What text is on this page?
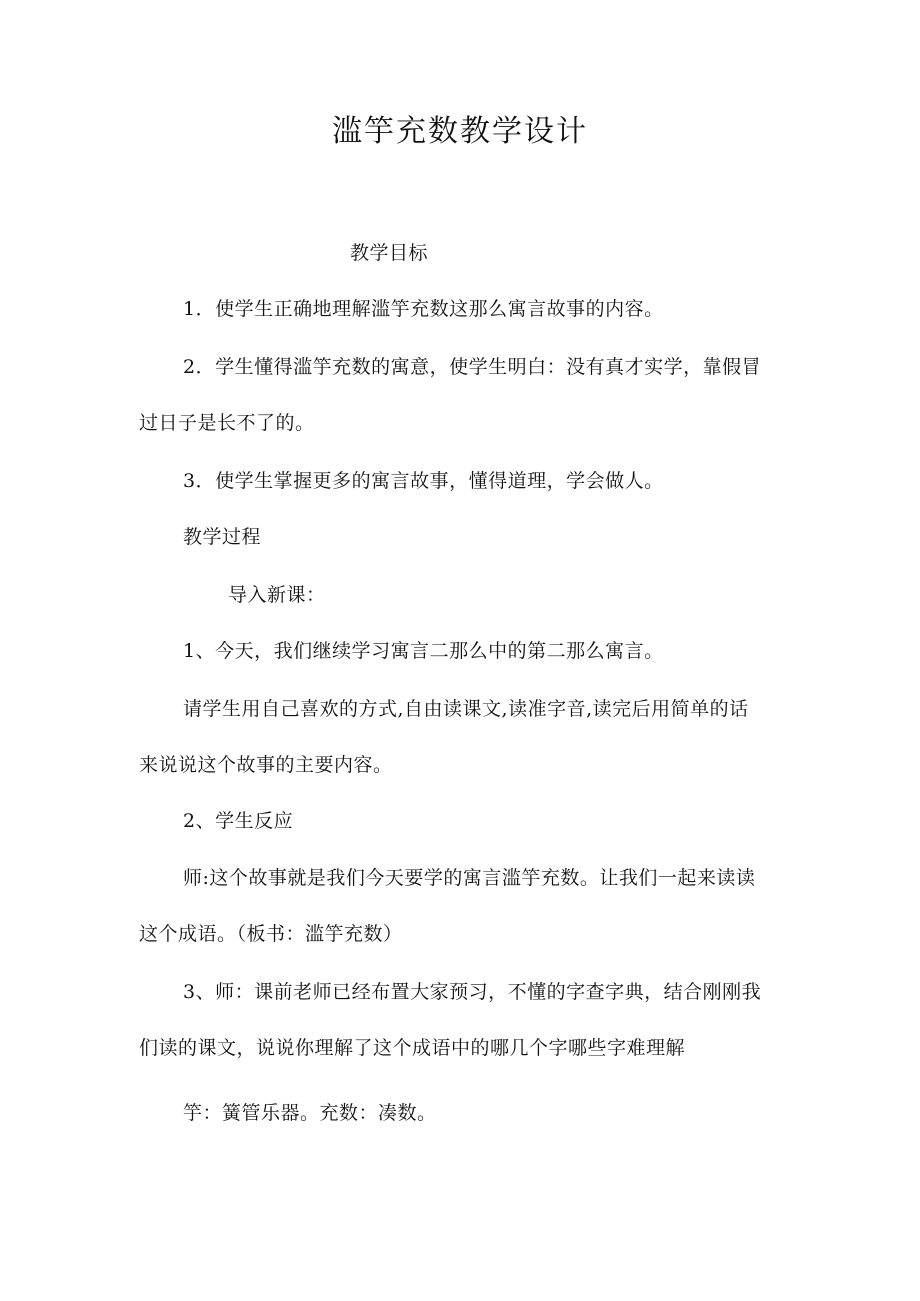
滥竽充数教学设计
教学目标
1．使学生正确地理解滥竽充数这那么寓言故事的内容。
2．学生懂得滥竽充数的寓意，使学生明白：没有真才实学，靠假冒
过日子是长不了的。
3．使学生掌握更多的寓言故事，懂得道理，学会做人。
教学过程
导入新课：
1、今天，我们继续学习寓言二那么中的第二那么寓言。
请学生用自己喜欢的方式,自由读课文,读准字音,读完后用简单的话
来说说这个故事的主要内容。
2、学生反应
师:这个故事就是我们今天要学的寓言滥竽充数。让我们一起来读读
这个成语。（板书：滥竽充数）
3、师：课前老师已经布置大家预习，不懂的字查字典，结合刚刚我
们读的课文，说说你理解了这个成语中的哪几个字哪些字难理解
竽：簧管乐器。充数：凑数。
